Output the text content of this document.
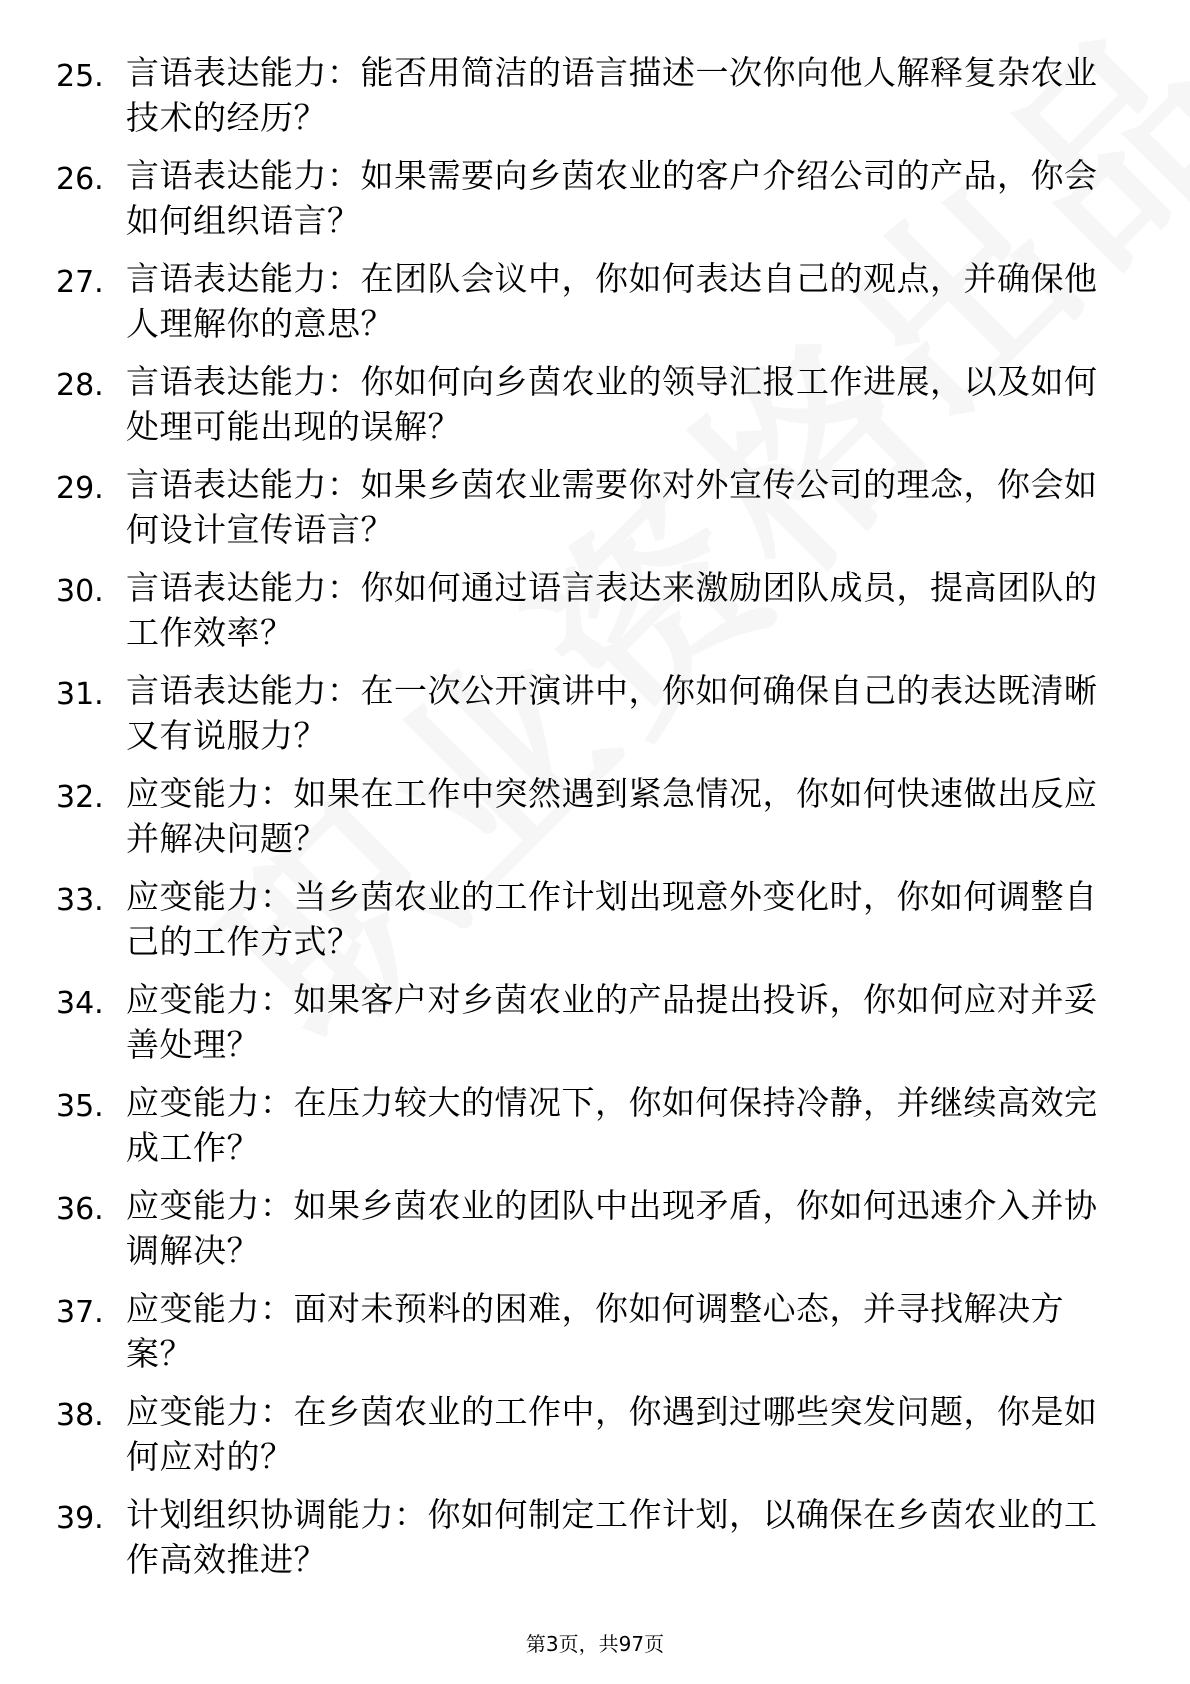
25. 言语表达能力：能否用简洁的语言描述一次你向他人解释复杂农业技术的经历？
26. 言语表达能力：如果需要向乡茵农业的客户介绍公司的产品，你会如何组织语言？
27. 言语表达能力：在团队会议中，你如何表达自己的观点，并确保他人理解你的意思？
28. 言语表达能力：你如何向乡茵农业的领导汇报工作进展，以及如何处理可能出现的误解？
29. 言语表达能力：如果乡茵农业需要你对外宣传公司的理念，你会如何设计宣传语言？
30. 言语表达能力：你如何通过语言表达来激励团队成员，提高团队的工作效率？
31. 言语表达能力：在一次公开演讲中，你如何确保自己的表达既清晰又有说服力？
32. 应变能力：如果在工作中突然遇到紧急情况，你如何快速做出反应并解决问题？
33. 应变能力：当乡茵农业的工作计划出现意外变化时，你如何调整自己的工作方式？
34. 应变能力：如果客户对乡茵农业的产品提出投诉，你如何应对并妥善处理？
35. 应变能力：在压力较大的情况下，你如何保持冷静，并继续高效完成工作？
36. 应变能力：如果乡茵农业的团队中出现矛盾，你如何迅速介入并协调解决？
37. 应变能力：面对未预料的困难，你如何调整心态，并寻找解决方案？
38. 应变能力：在乡茵农业的工作中，你遇到过哪些突发问题，你是如何应对的？
39. 计划组织协调能力：你如何制定工作计划，以确保在乡茵农业的工作高效推进？
第3页，共97页
